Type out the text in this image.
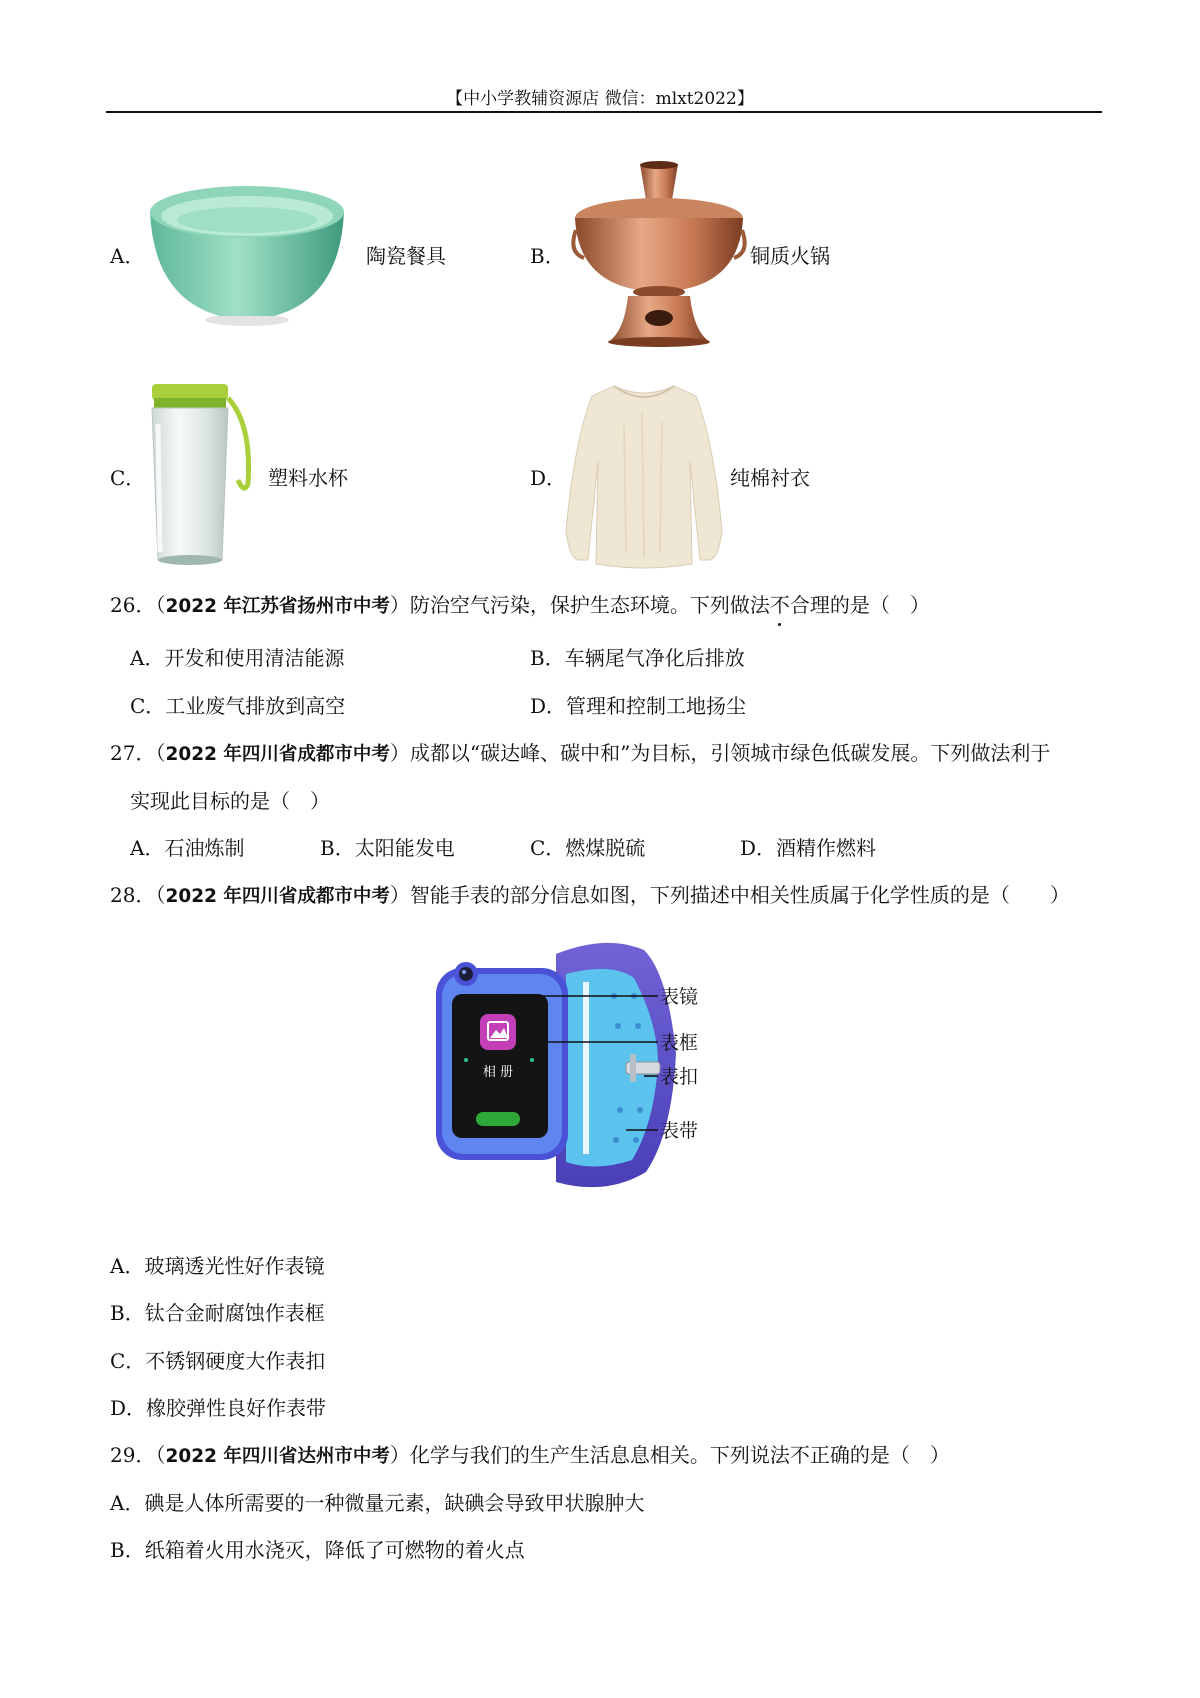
【中小学教辅资源店 微信：mlxt2022】
A．	陶瓷餐具	B．	铜质火锅
C．	塑料水杯	D．	纯棉衬衣
26．（2022 年江苏省扬州市中考）防治空气污染，保护生态环境。下列做法不合理的是（　）
A．开发和使用清洁能源	B．车辆尾气净化后排放
C．工业废气排放到高空	D．管理和控制工地扬尘
27．（2022 年四川省成都市中考）成都以“碳达峰、碳中和”为目标，引领城市绿色低碳发展。下列做法利于
实现此目标的是（　）
A．石油炼制	B．太阳能发电	C．燃煤脱硫	D．酒精作燃料
28．（2022 年四川省成都市中考）智能手表的部分信息如图，下列描述中相关性质属于化学性质的是（　　）
相 册
表镜
表框
表扣
表带
A．玻璃透光性好作表镜
B．钛合金耐腐蚀作表框
C．不锈钢硬度大作表扣
D．橡胶弹性良好作表带
29．（2022 年四川省达州市中考）化学与我们的生产生活息息相关。下列说法不正确的是（　）
A．碘是人体所需要的一种微量元素，缺碘会导致甲状腺肿大
B．纸箱着火用水浇灭，降低了可燃物的着火点
